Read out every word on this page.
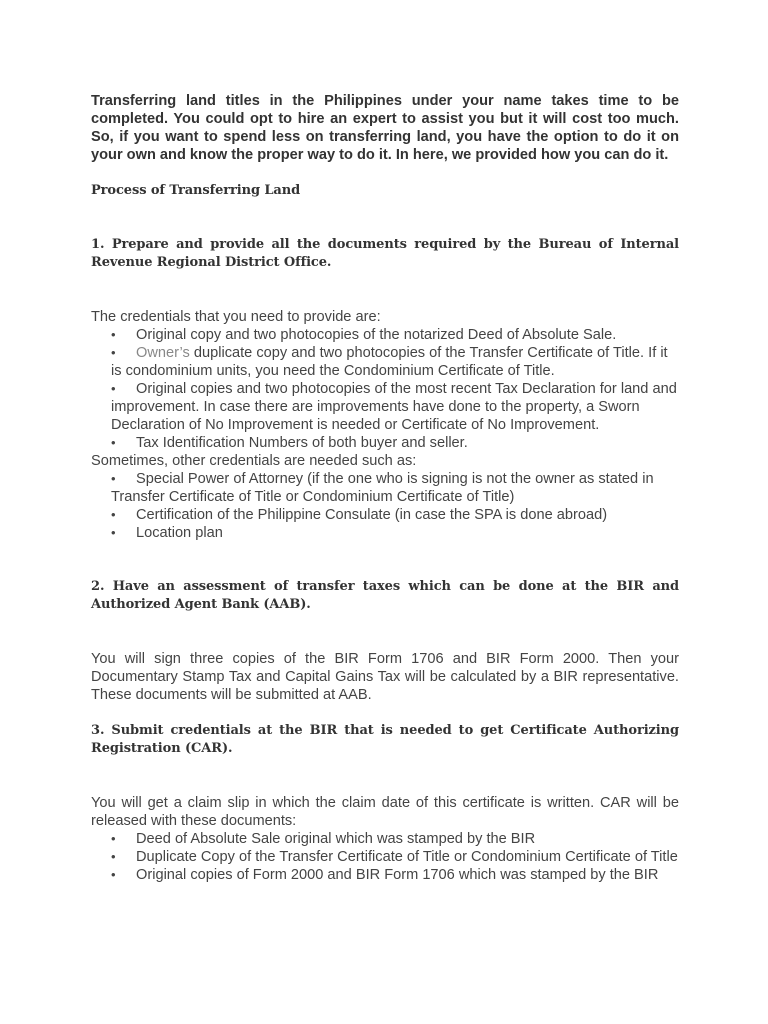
Transferring land titles in the Philippines under your name takes time to be completed. You could opt to hire an expert to assist you but it will cost too much. So, if you want to spend less on transferring land, you have the option to do it on your own and know the proper way to do it. In here, we provided how you can do it.

Process of Transferring Land

1. Prepare and provide all the documents required by the Bureau of Internal Revenue Regional District Office.

The credentials that you need to provide are:

•	Original copy and two photocopies of the notarized Deed of Absolute Sale.
•	Owner’s duplicate copy and two photocopies of the Transfer Certificate of Title. If it is condominium units, you need the Condominium Certificate of Title.
•	Original copies and two photocopies of the most recent Tax Declaration for land and improvement. In case there are improvements have done to the property, a Sworn Declaration of No Improvement is needed or Certificate of No Improvement.
•	Tax Identification Numbers of both buyer and seller.

Sometimes, other credentials are needed such as:

•	Special Power of Attorney (if the one who is signing is not the owner as stated in Transfer Certificate of Title or Condominium Certificate of Title)
•	Certification of the Philippine Consulate (in case the SPA is done abroad)
•	Location plan

2. Have an assessment of transfer taxes which can be done at the BIR and Authorized Agent Bank (AAB).

You will sign three copies of the BIR Form 1706 and BIR Form 2000. Then your Documentary Stamp Tax and Capital Gains Tax will be calculated by a BIR representative. These documents will be submitted at AAB.

3. Submit credentials at the BIR that is needed to get Certificate Authorizing Registration (CAR).

You will get a claim slip in which the claim date of this certificate is written. CAR will be released with these documents:

•	Deed of Absolute Sale original which was stamped by the BIR
•	Duplicate Copy of the Transfer Certificate of Title or Condominium Certificate of Title
•	Original copies of Form 2000 and BIR Form 1706 which was stamped by the BIR
